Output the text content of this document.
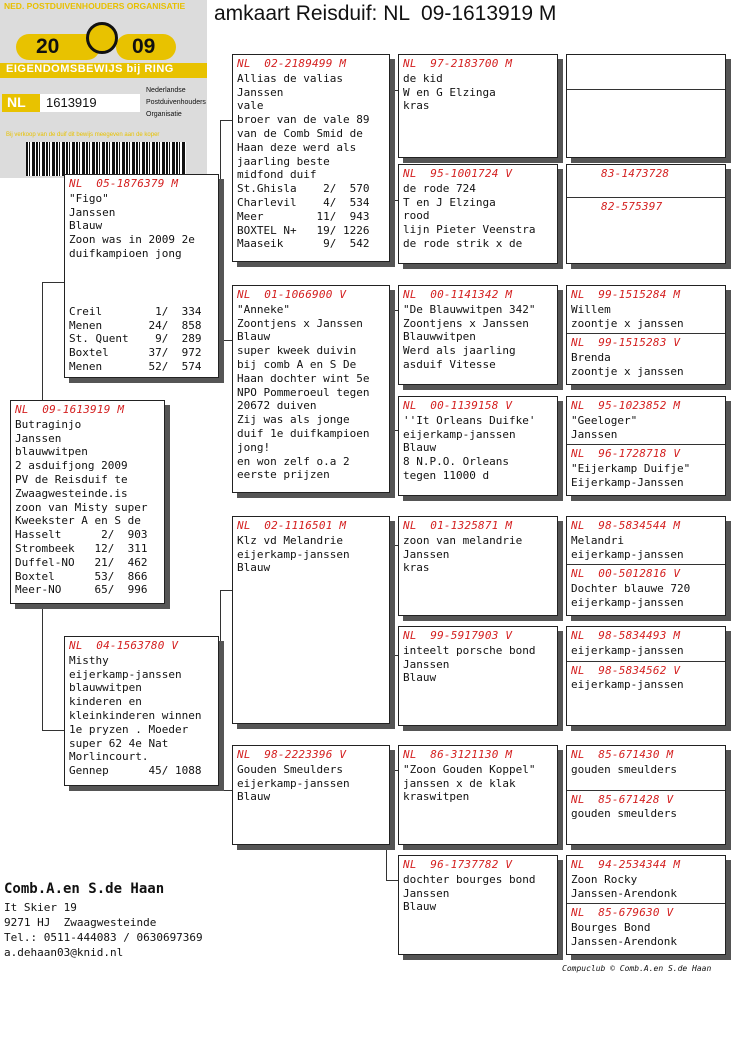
amkaart Reisduif: NL  09-1613919 M
NED. POSTDUIVENHOUDERS ORGANISATIE
20	09
EIGENDOMSBEWIJS bij RING
NL	1613919
Nederlandse
Postduivenhouders
Organisatie
Bij verkoop van de duif dit bewijs meegeven aan de koper
NL  05-1876379 M
"Figo"
Janssen
Blauw
Zoon was in 2009 2e
duifkampioen jong
Creil        1/  334
Menen       24/  858
St. Quent    9/  289
Boxtel      37/  972
Menen       52/  574
NL  09-1613919 M
Butraginjo
Janssen
blauwwitpen
2 asduifjong 2009
PV de Reisduif te
Zwaagwesteinde.is
zoon van Misty super
Kweekster A en S de
Hasselt      2/  903
Strombeek   12/  311
Duffel-NO   21/  462
Boxtel      53/  866
Meer-NO     65/  996
NL  04-1563780 V
Misthy
eijerkamp-janssen
blauwwitpen
kinderen en
kleinkinderen winnen
1e pryzen . Moeder
super 62 4e Nat
Morlincourt.
Gennep      45/ 1088
NL  02-2189499 M
Allias de valias
Janssen
vale
broer van de vale 89
van de Comb Smid de
Haan deze werd als
jaarling beste
midfond duif
St.Ghisla    2/  570
Charlevil    4/  534
Meer        11/  943
BOXTEL N+   19/ 1226
Maaseik      9/  542
NL  01-1066900 V
"Anneke"
Zoontjens x Janssen
Blauw
super kweek duivin
bij comb A en S De
Haan dochter wint 5e
NPO Pommeroeul tegen
20672 duiven
Zij was als jonge
duif 1e duifkampioen
jong!
en won zelf o.a 2
eerste prijzen
NL  02-1116501 M
Klz vd Melandrie
eijerkamp-janssen
Blauw
NL  98-2223396 V
Gouden Smeulders
eijerkamp-janssen
Blauw
NL  97-2183700 M
de kid
W en G Elzinga
kras
NL  95-1001724 V
de rode 724
T en J Elzinga
rood
lijn Pieter Veenstra
de rode strik x de
NL  00-1141342 M
"De Blauwwitpen 342"
Zoontjens x Janssen
Blauwwitpen
Werd als jaarling
asduif Vitesse
NL  00-1139158 V
''It Orleans Duifke'
eijerkamp-janssen
Blauw
8 N.P.O. Orleans
tegen 11000 d
NL  01-1325871 M
zoon van melandrie
Janssen
kras
NL  99-5917903 V
inteelt porsche bond
Janssen
Blauw
NL  86-3121130 M
"Zoon Gouden Koppel"
janssen x de klak
kraswitpen
NL  96-1737782 V
dochter bourges bond
Janssen
Blauw
83-1473728
82-575397
NL  99-1515284 M
Willem
zoontje x janssen
NL  99-1515283 V
Brenda
zoontje x janssen
NL  95-1023852 M
"Geeloger"
Janssen
NL  96-1728718 V
"Eijerkamp Duifje"
Eijerkamp-Janssen
NL  98-5834544 M
Melandri
eijerkamp-janssen
NL  00-5012816 V
Dochter blauwe 720
eijerkamp-janssen
NL  98-5834493 M
eijerkamp-janssen
NL  98-5834562 V
eijerkamp-janssen
NL  85-671430 M
gouden smeulders
NL  85-671428 V
gouden smeulders
NL  94-2534344 M
Zoon Rocky
Janssen-Arendonk
NL  85-679630 V
Bourges Bond
Janssen-Arendonk
Comb.A.en S.de Haan
It Skier 19
9271 HJ  Zwaagwesteinde
Tel.: 0511-444083 / 0630697369
a.dehaan03@knid.nl
Compuclub © Comb.A.en S.de Haan
